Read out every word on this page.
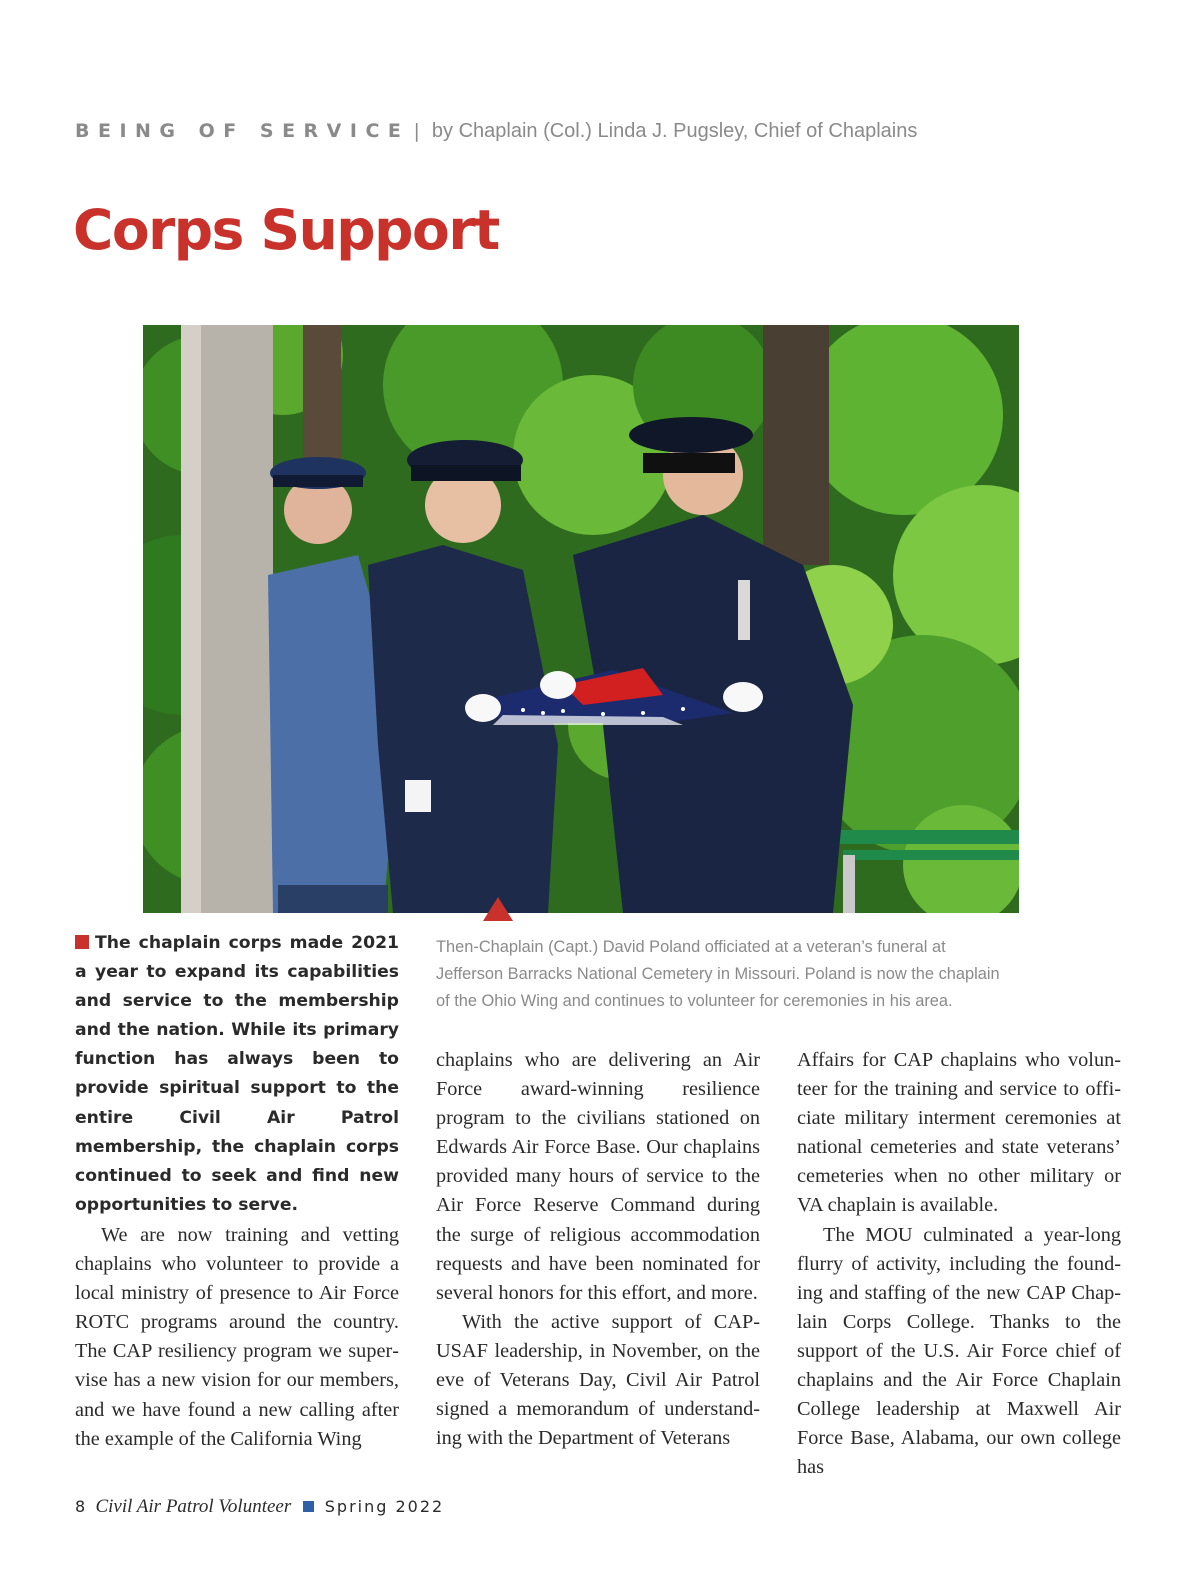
BEING OF SERVICE | by Chaplain (Col.) Linda J. Pugsley, Chief of Chaplains
Corps Support

Then-Chaplain (Capt.) David Poland officiated at a veteran’s funeral at Jefferson Barracks National Cemetery in Missouri. Poland is now the chaplain of the Ohio Wing and continues to volunteer for ceremonies in his area.

The chaplain corps made 2021 a year to expand its capabilities and service to the membership and the nation. While its primary function has always been to provide spiritual support to the entire Civil Air Patrol membership, the chaplain corps continued to seek and find new opportunities to serve.

We are now training and vetting chaplains who volunteer to provide a local ministry of presence to Air Force ROTC programs around the country. The CAP resiliency program we supervise has a new vision for our members, and we have found a new calling after the example of the California Wing

chaplains who are delivering an Air Force award-winning resilience program to the civilians stationed on Edwards Air Force Base. Our chaplains provided many hours of service to the Air Force Reserve Command during the surge of religious accommodation requests and have been nominated for several honors for this effort, and more.

With the active support of CAP-USAF leadership, in November, on the eve of Veterans Day, Civil Air Patrol signed a memorandum of understanding with the Department of Veterans

Affairs for CAP chaplains who volunteer for the training and service to officiate military interment ceremonies at national cemeteries and state veterans’ cemeteries when no other military or VA chaplain is available.

The MOU culminated a year-long flurry of activity, including the founding and staffing of the new CAP Chaplain Corps College. Thanks to the support of the U.S. Air Force chief of chaplains and the Air Force Chaplain College leadership at Maxwell Air Force Base, Alabama, our own college has

8 Civil Air Patrol Volunteer Spring 2022
